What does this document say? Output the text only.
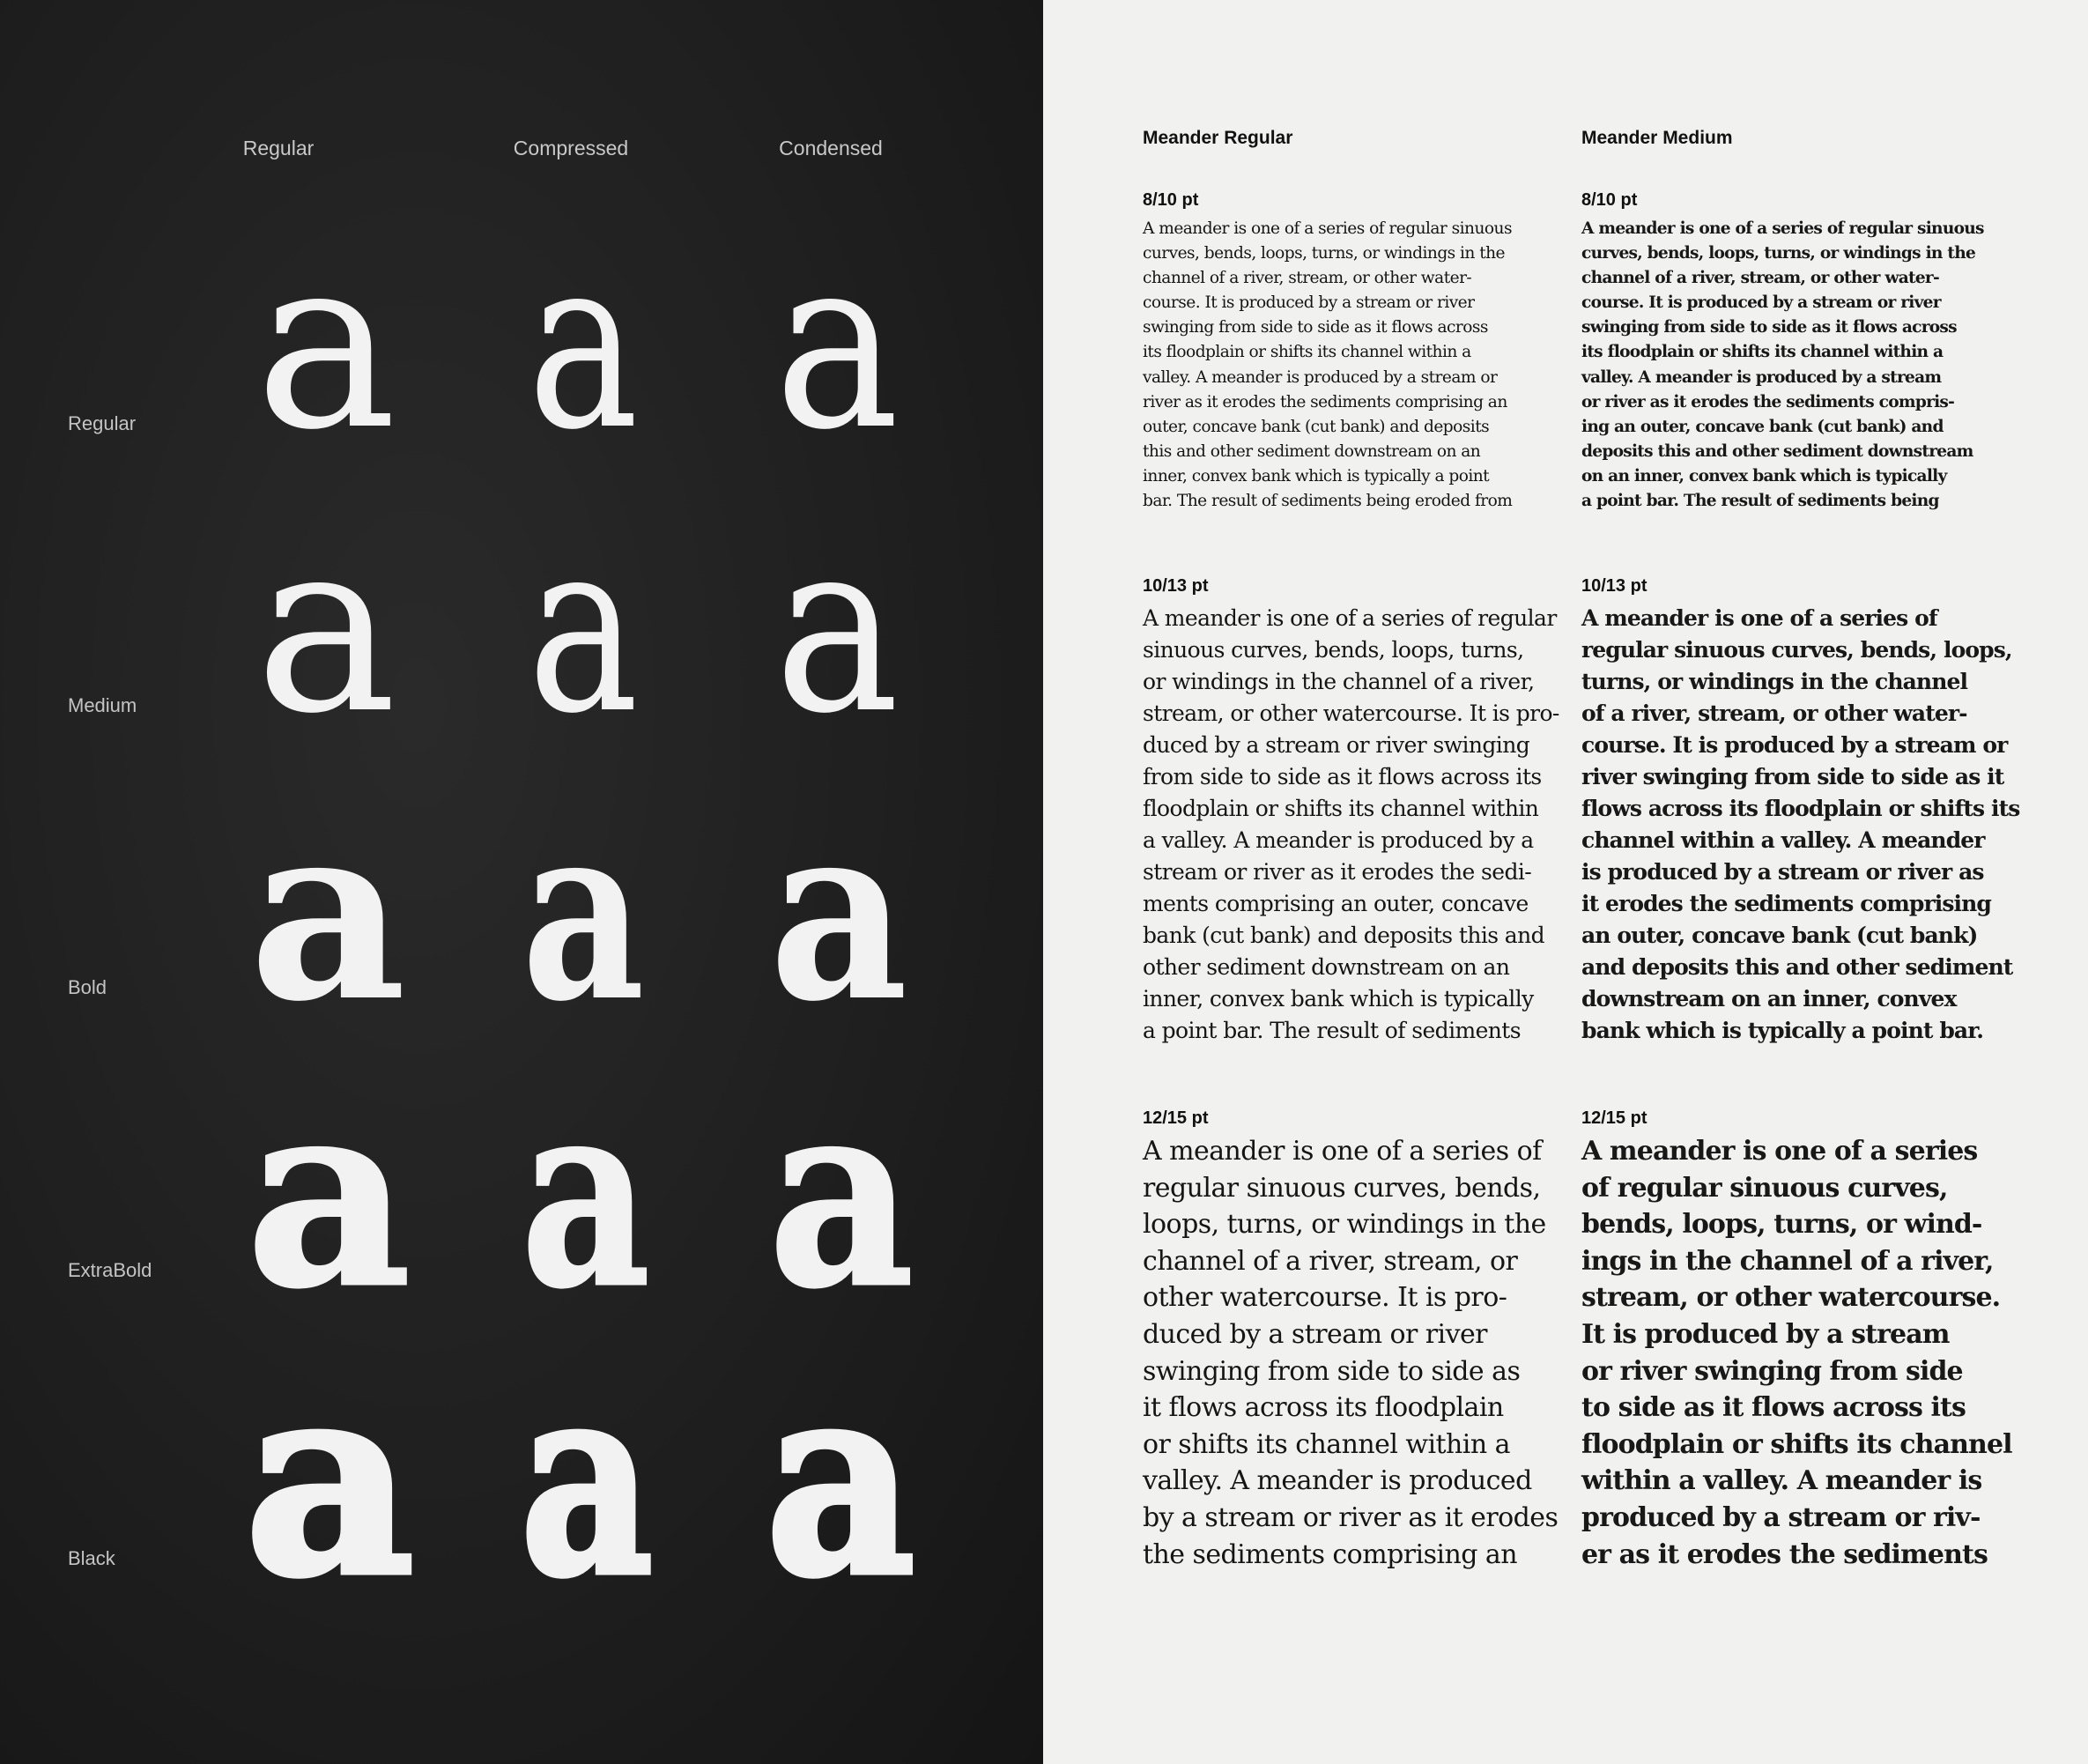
Regular	Compressed	Condensed
Regular
Medium
Bold
ExtraBold
Black
a a a
a a a
a a a
a a a
a a a
Meander Regular
8/10 pt
A meander is one of a series of regular sinuous
curves, bends, loops, turns, or windings in the
channel of a river, stream, or other water-
course. It is produced by a stream or river
swinging from side to side as it flows across
its floodplain or shifts its channel within a
valley. A meander is produced by a stream or
river as it erodes the sediments comprising an
outer, concave bank (cut bank) and deposits
this and other sediment downstream on an
inner, convex bank which is typically a point
bar. The result of sediments being eroded from
10/13 pt
A meander is one of a series of regular
sinuous curves, bends, loops, turns,
or windings in the channel of a river,
stream, or other watercourse. It is pro-
duced by a stream or river swinging
from side to side as it flows across its
floodplain or shifts its channel within
a valley. A meander is produced by a
stream or river as it erodes the sedi-
ments comprising an outer, concave
bank (cut bank) and deposits this and
other sediment downstream on an
inner, convex bank which is typically
a point bar. The result of sediments
12/15 pt
A meander is one of a series of
regular sinuous curves, bends,
loops, turns, or windings in the
channel of a river, stream, or
other watercourse. It is pro-
duced by a stream or river
swinging from side to side as
it flows across its floodplain
or shifts its channel within a
valley. A meander is produced
by a stream or river as it erodes
the sediments comprising an
Meander Medium
8/10 pt
A meander is one of a series of regular sinuous
curves, bends, loops, turns, or windings in the
channel of a river, stream, or other water-
course. It is produced by a stream or river
swinging from side to side as it flows across
its floodplain or shifts its channel within a
valley. A meander is produced by a stream
or river as it erodes the sediments compris-
ing an outer, concave bank (cut bank) and
deposits this and other sediment downstream
on an inner, convex bank which is typically
a point bar. The result of sediments being
10/13 pt
A meander is one of a series of
regular sinuous curves, bends, loops,
turns, or windings in the channel
of a river, stream, or other water-
course. It is produced by a stream or
river swinging from side to side as it
flows across its floodplain or shifts its
channel within a valley. A meander
is produced by a stream or river as
it erodes the sediments comprising
an outer, concave bank (cut bank)
and deposits this and other sediment
downstream on an inner, convex
bank which is typically a point bar.
12/15 pt
A meander is one of a series
of regular sinuous curves,
bends, loops, turns, or wind-
ings in the channel of a river,
stream, or other watercourse.
It is produced by a stream
or river swinging from side
to side as it flows across its
floodplain or shifts its channel
within a valley. A meander is
produced by a stream or riv-
er as it erodes the sediments
